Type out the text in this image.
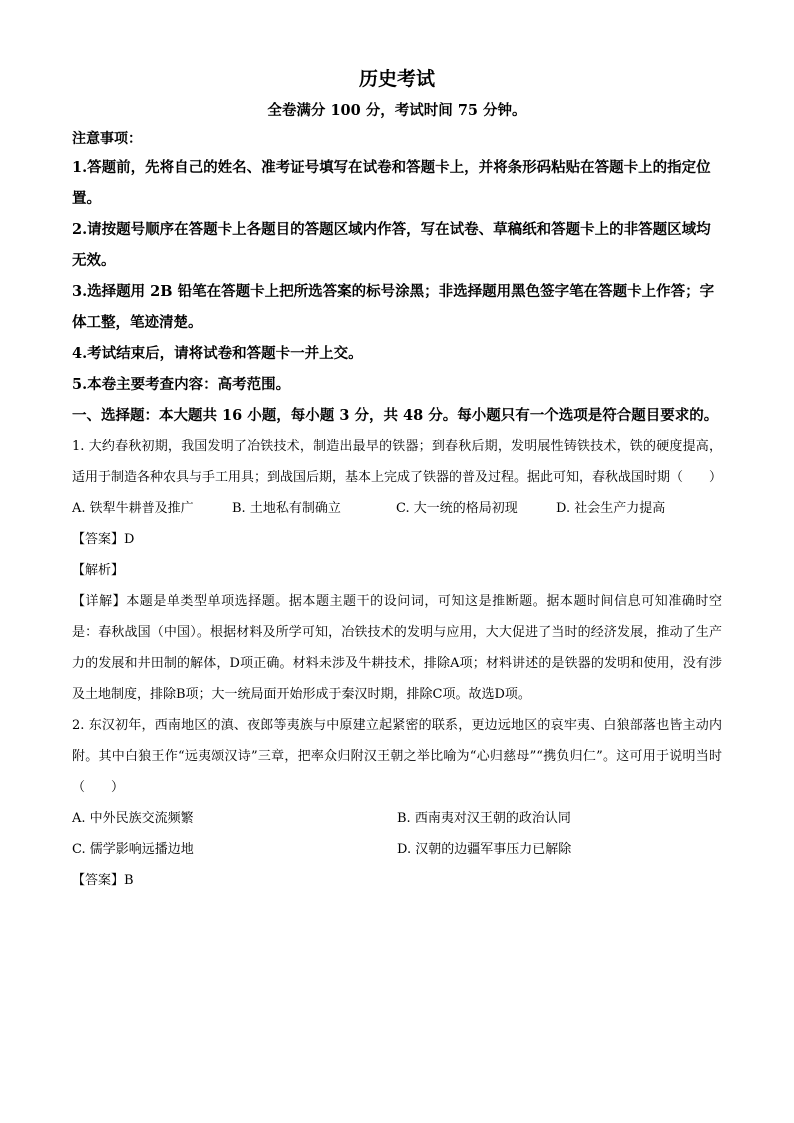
历史考试

全卷满分 100 分，考试时间 75 分钟。

注意事项：

1.答题前，先将自己的姓名、准考证号填写在试卷和答题卡上，并将条形码粘贴在答题卡上的指定位置。

2.请按题号顺序在答题卡上各题目的答题区域内作答，写在试卷、草稿纸和答题卡上的非答题区域均无效。

3.选择题用 2B 铅笔在答题卡上把所选答案的标号涂黑；非选择题用黑色签字笔在答题卡上作答；字体工整，笔迹清楚。

4.考试结束后，请将试卷和答题卡一并上交。

5.本卷主要考查内容：高考范围。

一、选择题：本大题共 16 小题，每小题 3 分，共 48 分。每小题只有一个选项是符合题目要求的。

1. 大约春秋初期，我国发明了冶铁技术，制造出最早的铁器；到春秋后期，发明展性铸铁技术，铁的硬度提高，适用于制造各种农具与手工用具；到战国后期，基本上完成了铁器的普及过程。据此可知，春秋战国时期（　　）

A. 铁犁牛耕普及推广	B. 土地私有制确立	C. 大一统的格局初现	D. 社会生产力提高

【答案】D

【解析】

【详解】本题是单类型单项选择题。据本题主题干的设问词，可知这是推断题。据本题时间信息可知准确时空是：春秋战国（中国）。根据材料及所学可知，冶铁技术的发明与应用，大大促进了当时的经济发展，推动了生产力的发展和井田制的解体，D项正确。材料未涉及牛耕技术，排除A项；材料讲述的是铁器的发明和使用，没有涉及土地制度，排除B项；大一统局面开始形成于秦汉时期，排除C项。故选D项。

2. 东汉初年，西南地区的滇、夜郎等夷族与中原建立起紧密的联系，更边远地区的哀牢夷、白狼部落也皆主动内附。其中白狼王作“远夷颂汉诗”三章，把率众归附汉王朝之举比喻为“心归慈母”“携负归仁”。这可用于说明当时（　　）

A. 中外民族交流频繁	B. 西南夷对汉王朝的政治认同
C. 儒学影响远播边地	D. 汉朝的边疆军事压力已解除

【答案】B
